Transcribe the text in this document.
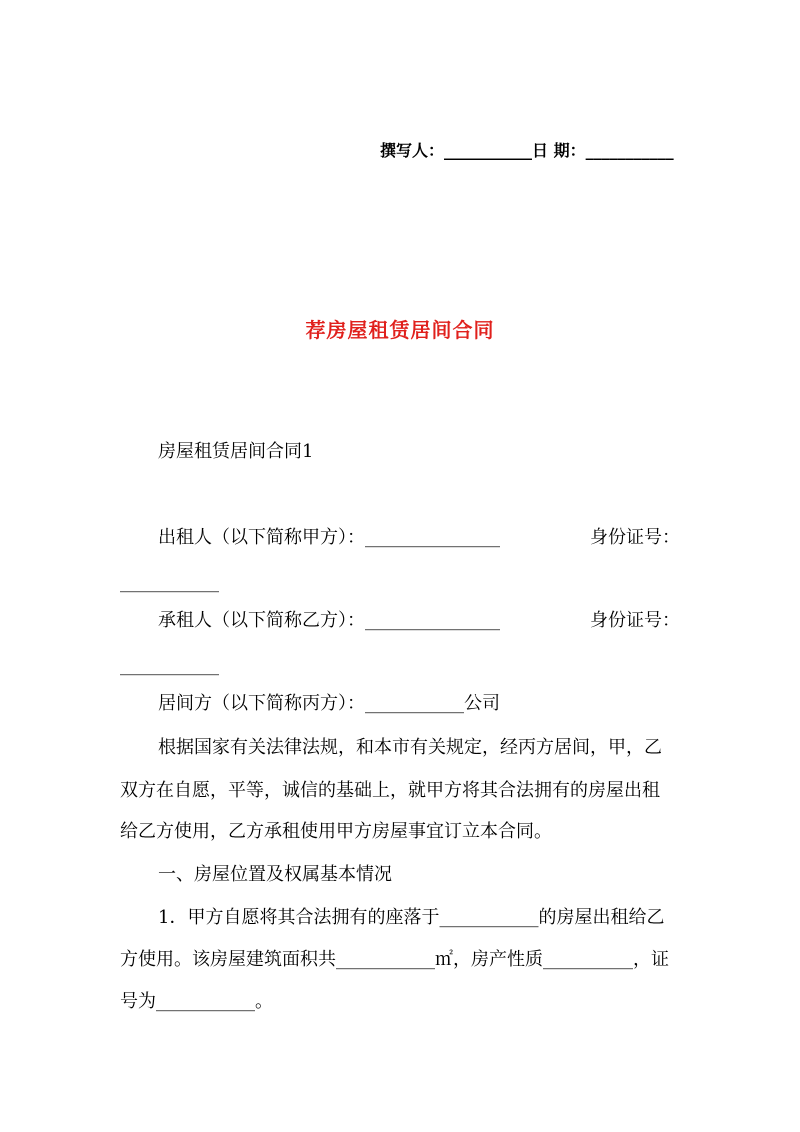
撰写人：___________日 期：___________
荐房屋租赁居间合同
房屋租赁居间合同1
出租人（以下简称甲方）：_______________	身份证号：
___________
承租人（以下简称乙方）：_______________	身份证号：
___________
居间方（以下简称丙方）：___________公司
根据国家有关法律法规，和本市有关规定，经丙方居间，甲，乙
双方在自愿，平等，诚信的基础上，就甲方将其合法拥有的房屋出租
给乙方使用，乙方承租使用甲方房屋事宜订立本合同。
一、房屋位置及权属基本情况
1．甲方自愿将其合法拥有的座落于___________的房屋出租给乙
方使用。该房屋建筑面积共___________㎡，房产性质__________，证
号为___________。
